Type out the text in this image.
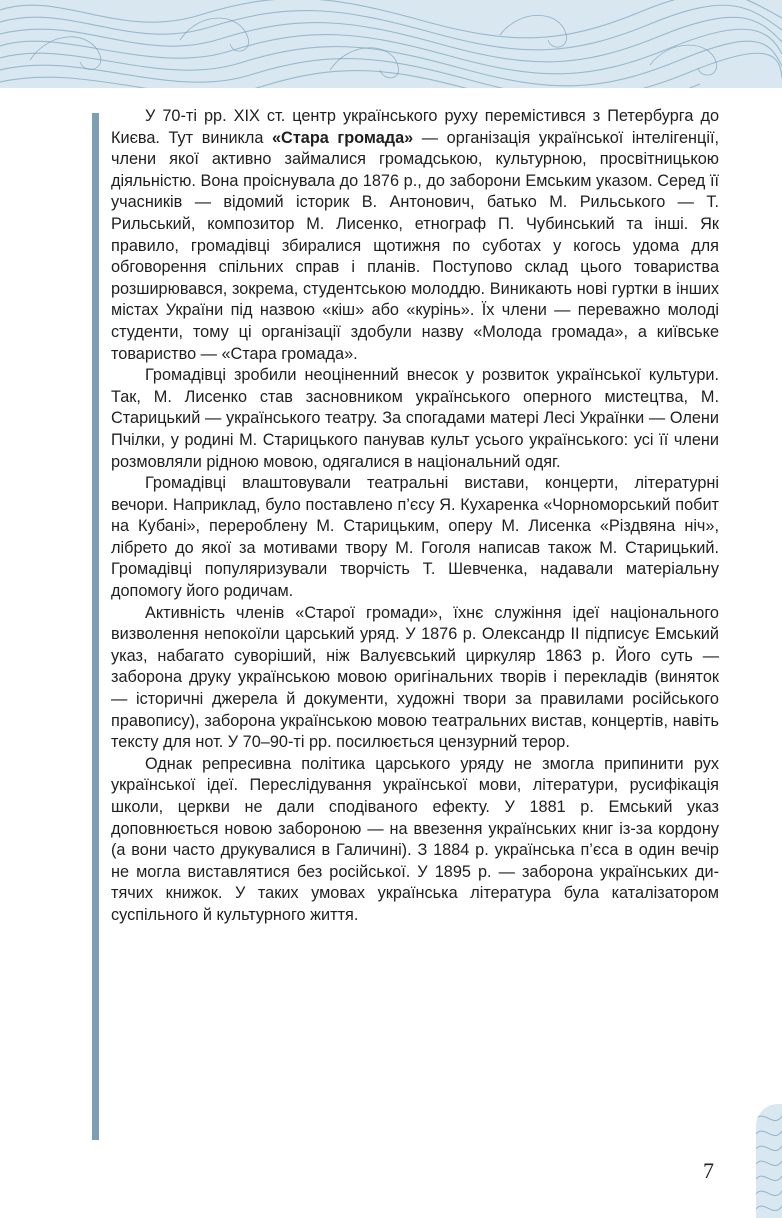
У 70-ті рр. XIX ст. центр українського руху перемістився з Петербурга до Києва. Тут виникла «Стара громада» — організація української інтелігенції, члени якої активно займалися громадською, культурною, просвітницькою діяльністю. Вона проіснувала до 1876 р., до заборони Емським указом. Серед її учасників — відомий історик В. Антонович, батько М. Рильського — Т. Рильський, композитор М. Лисенко, етнограф П. Чубинський та інші. Як правило, громадівці збиралися щотижня по суботах у когось удома для обговорення спільних справ і планів. Поступово склад цього товариства розширювався, зокрема, студентською молоддю. Виникають нові гуртки в інших містах України під назвою «кіш» або «курінь». Їх члени — переважно молоді студенти, тому ці організації здобули назву «Молода громада», а київське товариство — «Стара громада».

Громадівці зробили неоціненний внесок у розвиток української культури. Так, М. Лисенко став засновником українського оперного мистецтва, М. Старицький — українського театру. За спогадами матері Лесі Українки — Олени Пчілки, у родині М. Старицького панував культ усього українського: усі її члени розмовляли рідною мовою, одягалися в національний одяг.

Громадівці влаштовували театральні вистави, концерти, літературні вечори. Наприклад, було поставлено п’єсу Я. Кухаренка «Чорноморський побит на Кубані», перероблену М. Старицьким, оперу М. Лисенка «Різдвяна ніч», лібрето до якої за мотивами твору М. Гоголя написав також М. Старицький. Громадівці популяризували творчість Т. Шевченка, надавали матеріальну допомогу його родичам.

Активність членів «Старої громади», їхнє служіння ідеї національного визволення непокоїли царський уряд. У 1876 р. Олександр ІІ підписує Емський указ, набагато суворіший, ніж Валуєвський циркуляр 1863 р. Його суть — заборона друку українською мовою оригінальних творів і перекладів (виняток — історичні джерела й документи, художні твори за правилами російського правопису), заборона українською мовою театральних вистав, концертів, навіть тексту для нот. У 70–90-ті рр. посилюється цензурний терор.

Однак репресивна політика царського уряду не змогла припинити рух української ідеї. Переслідування української мови, літератури, русифікація школи, церкви не дали сподіваного ефекту. У 1881 р. Емський указ доповнюється новою забороною — на ввезення українських книг із-за кордону (а вони часто друкувалися в Галичині). З 1884 р. українська п’єса в один вечір не могла виставлятися без російської. У 1895 р. — заборона українських дитячих книжок. У таких умовах українська література була каталізатором суспільного й культурного життя.

7
